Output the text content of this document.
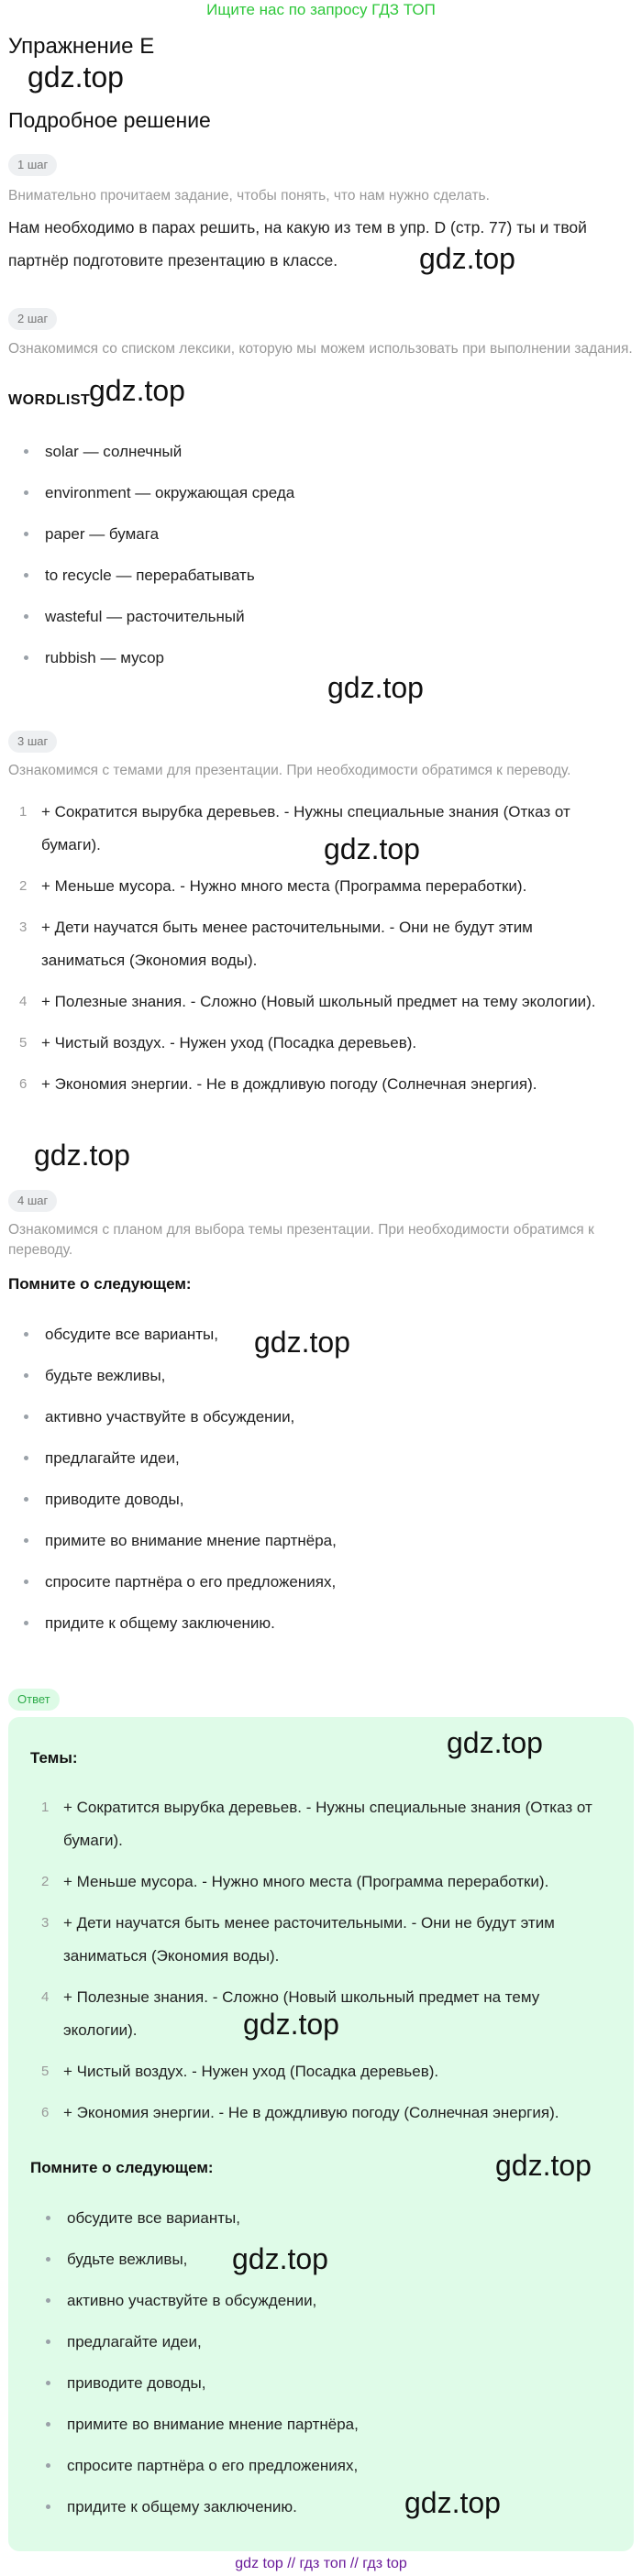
Ищите нас по запросу ГДЗ ТОП
Упражнение E
gdz.top
Подробное решение
1 шаг
Внимательно прочитаем задание, чтобы понять, что нам нужно сделать.
Нам необходимо в парах решить, на какую из тем в упр. D (стр. 77) ты и твой партнёр подготовите презентацию в классе.	gdz.top
2 шаг
Ознакомимся со списком лексики, которую мы можем использовать при выполнении задания.
WORDLIST
gdz.top
solar — солнечный
environment — окружающая среда
paper — бумага
to recycle — перерабатывать
wasteful — расточительный
rubbish — мусор
gdz.top
3 шаг
Ознакомимся с темами для презентации. При необходимости обратимся к переводу.
1 + Сократится вырубка деревьев. - Нужны специальные знания (Отказ от бумаги).
2 + Меньше мусора. - Нужно много места (Программа переработки).
3 + Дети научатся быть менее расточительными. - Они не будут этим заниматься (Экономия воды).
4 + Полезные знания. - Сложно (Новый школьный предмет на тему экологии).
5 + Чистый воздух. - Нужен уход (Посадка деревьев).
6 + Экономия энергии. - Не в дождливую погоду (Солнечная энергия).
gdz.top
gdz.top
4 шаг
Ознакомимся с планом для выбора темы презентации. При необходимости обратимся к переводу.
Помните о следующем:
обсудите все варианты,
будьте вежливы,
активно участвуйте в обсуждении,
предлагайте идеи,
приводите доводы,
примите во внимание мнение партнёра,
спросите партнёра о его предложениях,
придите к общему заключению.
gdz.top
Ответ
gdz.top
Темы:
1 + Сократится вырубка деревьев. - Нужны специальные знания (Отказ от бумаги).
2 + Меньше мусора. - Нужно много места (Программа переработки).
3 + Дети научатся быть менее расточительными. - Они не будут этим заниматься (Экономия воды).
4 + Полезные знания. - Сложно (Новый школьный предмет на тему экологии).
5 + Чистый воздух. - Нужен уход (Посадка деревьев).
6 + Экономия энергии. - Не в дождливую погоду (Солнечная энергия).
gdz.top
gdz.top
Помните о следующем:
обсудите все варианты,
будьте вежливы,
активно участвуйте в обсуждении,
предлагайте идеи,
приводите доводы,
примите во внимание мнение партнёра,
спросите партнёра о его предложениях,
придите к общему заключению.
gdz.top
gdz.top
gdz top // гдз топ // гдз top
